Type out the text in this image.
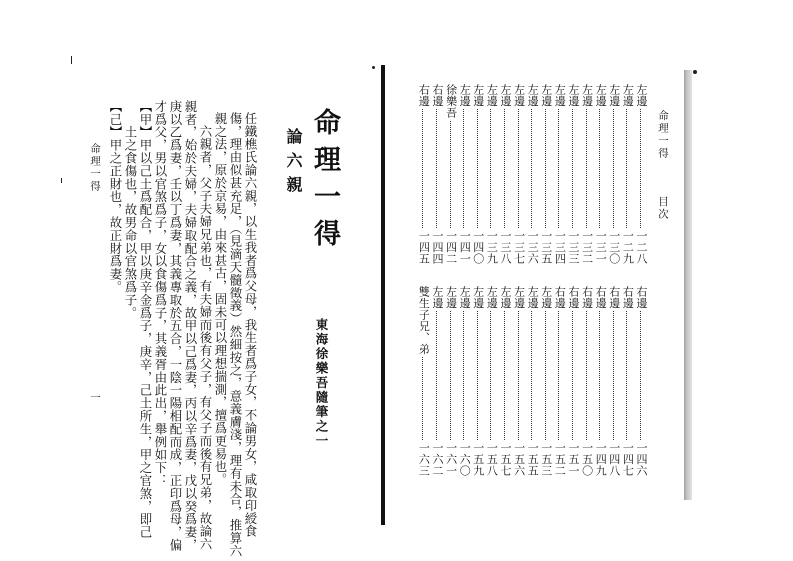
命理一得
論六親
東海徐樂吾隨筆之一
任鐵樵氏論六親，以生我者爲父母，我生者爲子女，不論男女，咸取印綬食
傷，理由似甚充足，（見滴天髓徵義）然細按之，意義膚淺，理有未合，推算六
親之法，原於京易，由來甚古，固未可以理想揣測，擅爲更易也。
　六親者，父子夫婦兄弟也，有夫婦而後有父子，有父子而後有兄弟，故論六
親者，始於夫婦，夫婦取配合之義，故甲以己爲妻，丙以辛爲妻，戊以癸爲妻，
庚以乙爲妻，壬以丁爲妻，其義專取於五合，一陰一陽相配而成，正印爲母，偏
才爲父，男以官煞爲子，女以食傷爲子，其義胥由此出，舉例如下：
【甲】甲以己土爲配合，甲以庚辛金爲子，庚辛，己土所生，甲之官煞，即己
　　土之食傷也，故男命以官煞爲子。
【己】甲之正財也，故正財爲妻。
命理一得
一
命理一得
目次
左邊
一二八
左邊
一二九
左邊
一三〇
左邊
一三一
左邊
一三二
左邊
一三三
左邊
一三四
左邊
一三五
左邊
一三六
左邊
一三七
左邊
一三八
左邊
一三九
左邊
一四〇
左邊
一四一
徐樂吾
一四二
右邊
一四四
右邊
一四五
右邊
一四六
右邊
一四七
右邊
一四八
右邊
一四九
右邊
一五〇
右邊
一五一
右邊
一五二
左邊
一五三
左邊
一五五
左邊
一五六
左邊
一五七
左邊
一五八
左邊
一五九
左邊
一六〇
左邊
一六一
左邊
一六二
雙生子兄、弟
一六三
